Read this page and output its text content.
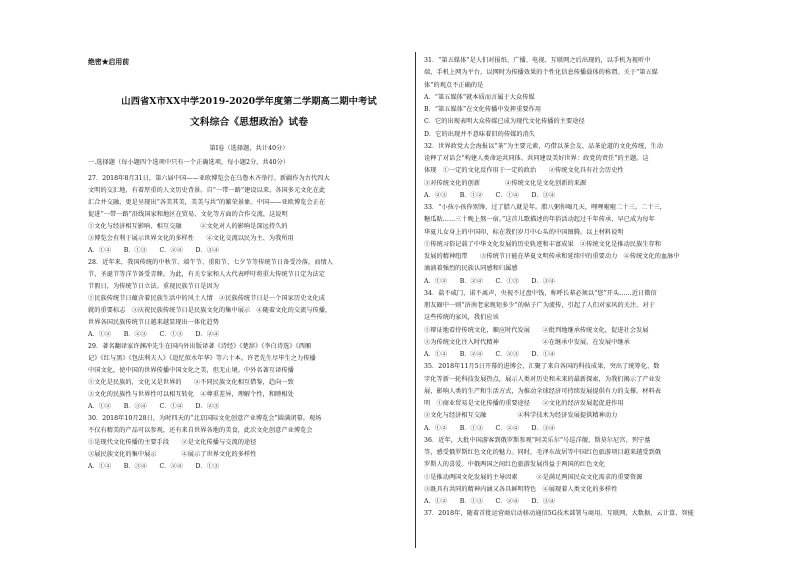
绝密★启用前
山西省X市XX中学2019-2020学年度第二学期高二期中考试
文科综合《思想政治》试卷
第Ⅰ卷（选择题，共计40分）
一.选择题（每小题四个选项中只有一个正确选项，每小题2分，共40分）
27．2018年8月31日，第六届中国——亚欧博览会在乌鲁木齐举行。新疆作为古代四大
文明的交汇地，有着厚重的人文历史背景。自“一带一路”建设以来，各国多元文化在此
汇合并交融，更是呈现出“各美其美，美美与共”的繁荣景象。中国——亚欧博览会正在
促进“一带一路”沿线国家和地区在贸易、文化等方面的合作交流，这说明
①文化与经济相互影响、相互交融　　　②文化对人的影响是深远持久的
③博览会有利于展示世界文化的多样性　　④文化交流以民为主、为我所用
A．①②　　B．①③　　C．②④　　D．③④
28．近年来，我国传统的中秋节、端午节、重阳节、七夕节等传统节日备受冷落，而情人
节、圣诞节等洋节备受青睐。为此，有关专家和人大代表呼吁将重大传统节日定为法定
节假日，为传统节日立法。重视民族节日是因为
①民族传统节日蕴含着民族生活中的风土人情　②民族传统节日是一个国家历史文化成
就的重要标志　③庆祝民族传统节日是民族文化的集中展示　④随着文化的交流与传播，
世界各国民族传统节日越来越显现出一体化趋势
A．①②　　B．②③　　C．①③　　D．②④
29．著名翻译家许渊冲先生在国内外出版译著《诗经》《楚辞》《李白诗选》《西厢
记》《红与黑》《包法利夫人》《追忆似水年华》等六十本。许老先生尽毕生之力传播
中国文化，使中国的世界传播中国文化之美，但无止境。中外名著互译传播
①文化是民族的，文化又是世界的　　②不同民族文化相互借鉴，趋向一致
③文化的民族性与世界性可以相互转化　④尊重差异，理解个性，和睦相处
A．①②　　B．③④　　C．①④　　D．②③
30．2018年10月28日，为时四天的“北京国际文化创意产业博览会”圆满闭幕。观场
不仅有精美的产品可以参观，还有来自世界各地的美食，此次文化创意产业博览会
①是现代文化传播的主要手段　　②是文化传播与交流的途径
③展民族文化的集中展示　　　　④展示了世界文化的多样性
A．①②　　B．③④　　C．②④　　D．①③
31．“第五媒体”是人们对报纸、广播、电视、互联网之后出现的，以手机为视听中
端，手机上网为平台，以网时为传播效果的个性化信息传播载体的称谓。关于“第五媒
体”的观点不正确的是
A．“第五媒体”就本质而言属于大众传媒
B．“第五媒体”在文化传播中发挥重要作用
C．它的出现表明大众传媒已成为现代文化传播的主要途径
D．它的出现并不意味着旧的传媒的消失
32．世界政党大会海报以“茶”为主要元素，巧借以茶会友、品茶论道的文化传统，生动
诠释了对话会“构建人类命运共同体、共同建设美好世界：政党的责任”的主题。这
体现　①一定的文化反作用于一定的政治　　②传统文化具有社会历史性
③对传统文化的创新　　　　④传统文化是文化创新的来源
A．②③　　B．①②　　C．①④　　D．③④
33．“小孩小孩你别馋，过了腊八就是年。腊八粥你喝几天，哩哩啦啦二十三。二十三，
糖瓜粘……三十晚上熬一宿。”这首儿歌描述的年俗活动起过千年传承，早已成为每年
华夏儿女身上的中国印，标在我们岁月中心头的中国图腾。以上材料说明
①传统习俗记载了中华文化发展的历史轨迹和丰富成果　②传统文化是推动民族生存和
发展的精神纽带　　③传统节日能在华夏文明传承和延续中的重要动力　④传统文化的血脉中
滴淌着强烈的民族认同感和归属感
A．①②　　B．②④　　C．①③　　D．③④
34．盐不咸门、诺不离声，央视不过盘中钱，称呼长辈必须以“您”开头……近日微信
朋友圈中一则“济南老家规矩多少”的帖子广为流传，引起了人们对家风的关注。对于
这些传统的家风，我们应该
①辩证地看待传统文化，顺应时代发展　　②批判地继承传统文化，促进社会发展
③为传统文化注入时代精神　　　　　　　④在继承中发展，在发展中继承
A．①②　　B．②④　　C．②③　　D．①④
35．2018年11月5日开幕的进博会，汇聚了来自各国的科技成果，突出了统筹化、数
字化等新一轮科技发展热点，展示人类对历史和未来的最新探索，为我们揭示了产业发
展，影响人类的生产和生活方式，为推动全球经济可持续发展提供有力的支撑。材料表
明　①商业贸易是文化传播的重要途径　　②文化的经济发展起促进作用
③文化与经济相互交融　　　　　④科学技术为经济发展提供精神动力
A．①②　　B．①③　　C．②④　　D．③④
36．近年，大批中国游客到俄罗斯参观“阿芙乐尔”号巡洋舰、斯莫尔尼宫、列宁墓
等，感受俄罗斯红色文化的魅力。同时，毛泽东故居等中国红色旅游项目越来越受到俄
罗斯人的喜爱。中俄两国之间红色旅游发展得益于两国的红色文化
①是推动两国文化发展的主导因素　　　②是满足两国民众文化需求的重要资源
③既具有共同的精神内涵又各具鲜明特色　④展现着人类文化的多样性
A．①②　　B．①③　　C．②④　　D．③④
37．2018年，随着首批运营商启动移动通信5G技术部署与商用、互联网、大数据、云计算、智能
